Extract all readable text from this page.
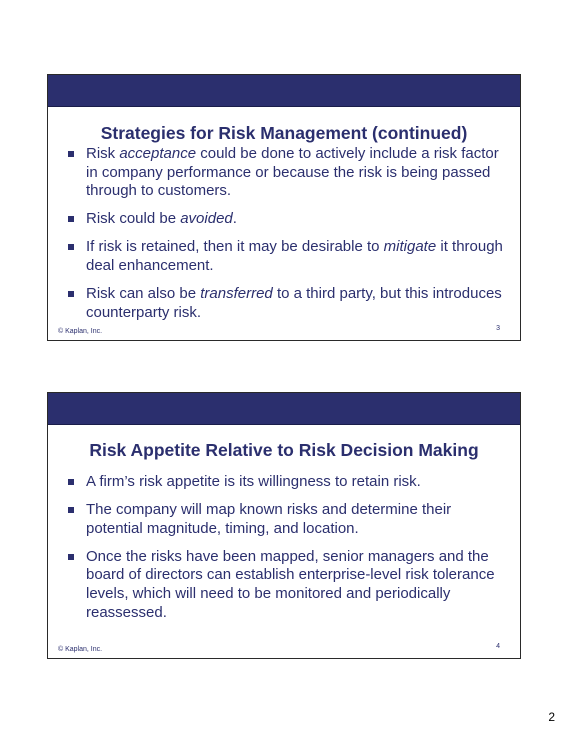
Strategies for Risk Management (continued)
Risk acceptance could be done to actively include a risk factor in company performance or because the risk is being passed through to customers.
Risk could be avoided.
If risk is retained, then it may be desirable to mitigate it through deal enhancement.
Risk can also be transferred to a third party, but this introduces counterparty risk.
© Kaplan, Inc.	3
Risk Appetite Relative to Risk Decision Making
A firm’s risk appetite is its willingness to retain risk.
The company will map known risks and determine their potential magnitude, timing, and location.
Once the risks have been mapped, senior managers and the board of directors can establish enterprise-level risk tolerance levels, which will need to be monitored and periodically reassessed.
© Kaplan, Inc.	4
2
